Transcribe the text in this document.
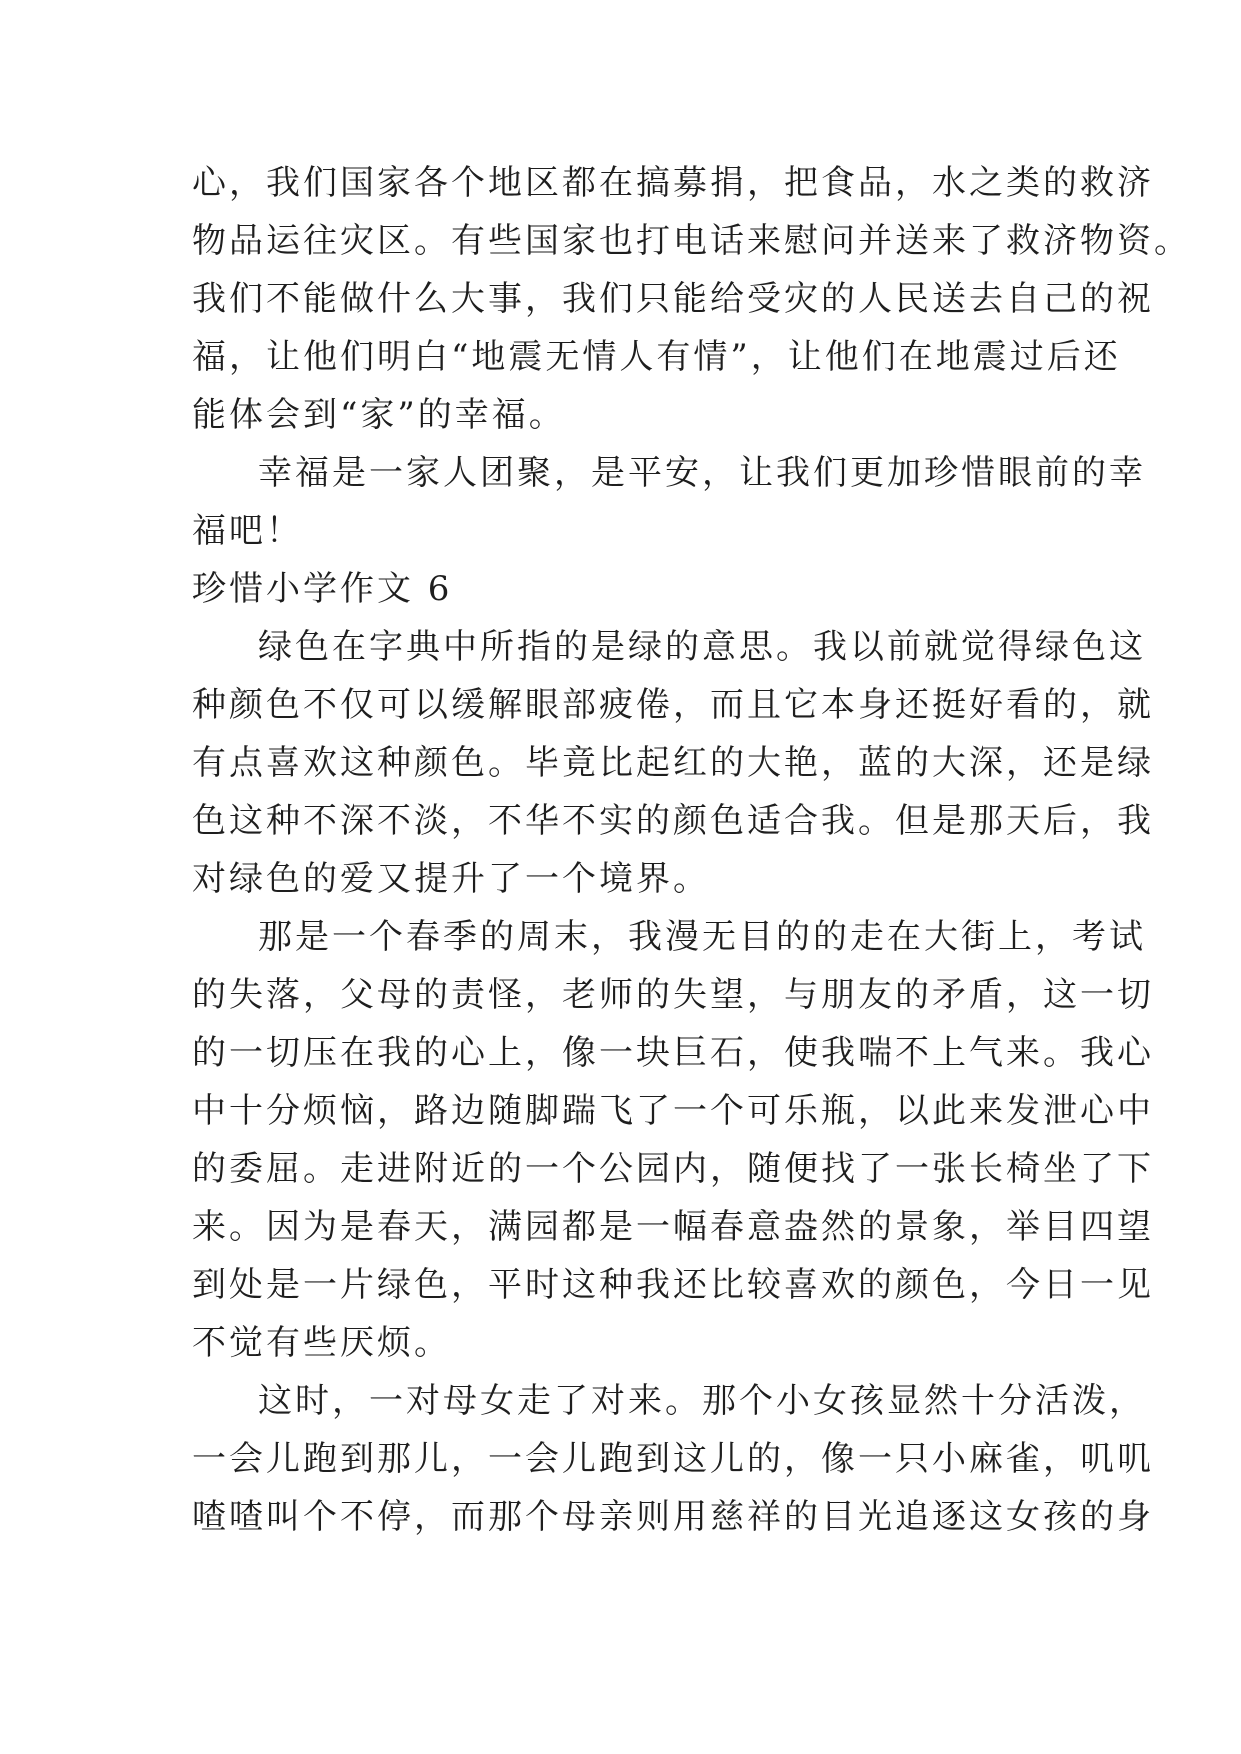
心，我们国家各个地区都在搞募捐，把食品，水之类的救济
物品运往灾区。有些国家也打电话来慰问并送来了救济物资。
我们不能做什么大事，我们只能给受灾的人民送去自己的祝
福，让他们明白“地震无情人有情”，让他们在地震过后还
能体会到“家”的幸福。
幸福是一家人团聚，是平安，让我们更加珍惜眼前的幸
福吧！
珍惜小学作文 6
绿色在字典中所指的是绿的意思。我以前就觉得绿色这
种颜色不仅可以缓解眼部疲倦，而且它本身还挺好看的，就
有点喜欢这种颜色。毕竟比起红的大艳，蓝的大深，还是绿
色这种不深不淡，不华不实的颜色适合我。但是那天后，我
对绿色的爱又提升了一个境界。
那是一个春季的周末，我漫无目的的走在大街上，考试
的失落，父母的责怪，老师的失望，与朋友的矛盾，这一切
的一切压在我的心上，像一块巨石，使我喘不上气来。我心
中十分烦恼，路边随脚踹飞了一个可乐瓶，以此来发泄心中
的委屈。走进附近的一个公园内，随便找了一张长椅坐了下
来。因为是春天，满园都是一幅春意盎然的景象，举目四望
到处是一片绿色，平时这种我还比较喜欢的颜色，今日一见
不觉有些厌烦。
这时，一对母女走了对来。那个小女孩显然十分活泼，
一会儿跑到那儿，一会儿跑到这儿的，像一只小麻雀，叽叽
喳喳叫个不停，而那个母亲则用慈祥的目光追逐这女孩的身
